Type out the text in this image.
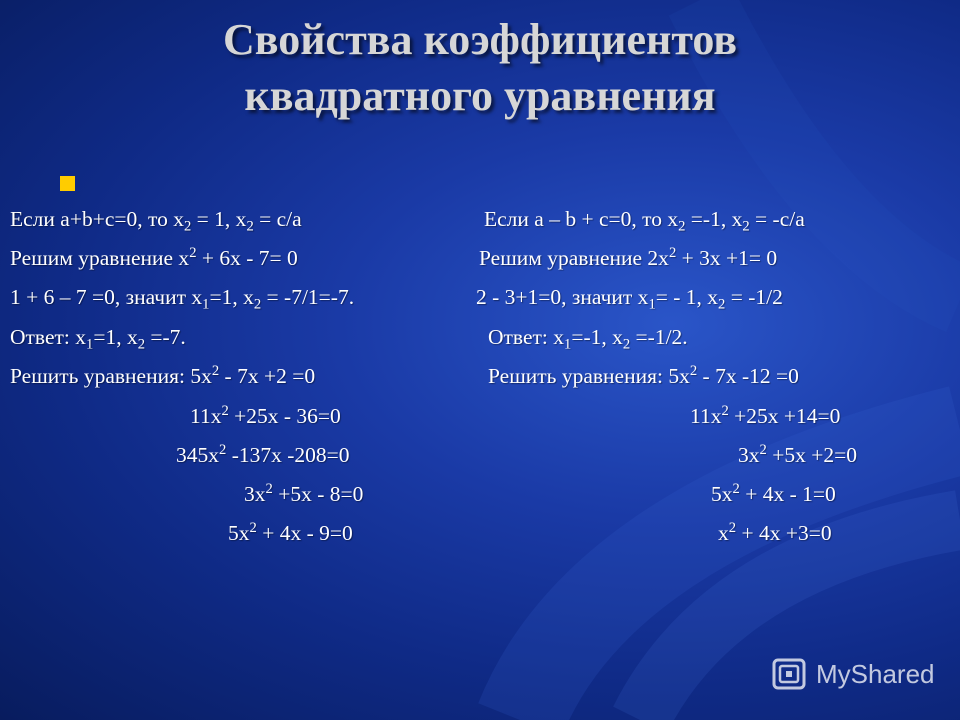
Свойства коэффициентов
квадратного уравнения
Если a+b+c=0, то $x_2 = 1$, $x_2 = c/a$	Если a – b + c=0, то $x_2 =-1$, $x_2 = -c/a$
Решим уравнение $x^2 + 6x - 7= 0$	Решим уравнение $2x^2 + 3x +1= 0$
1 + 6 – 7 =0, значит $x_1=1$, $x_2 = -7/1=-7$.	2 - 3+1=0, значит $x_1= - 1$, $x_2 = -1/2$
Ответ: $x_1=1$, $x_2 =-7$.	Ответ: $x_1=-1$, $x_2 =-1/2$.
Решить уравнения: $5x^2 - 7x +2 =0$	Решить уравнения: $5x^2 - 7x$ -12 =0
$11x^2 +25x - 36=0$	$11x^2 +25x +14=0$
$345x^2$ -137x -208=0	$3x^2 +5x +2=0$
$3x^2 +5x - 8=0$	$5x^2 + 4x - 1=0$
$5x^2 + 4x - 9=0$	$x^2 + 4x +3=0$
MyShared
